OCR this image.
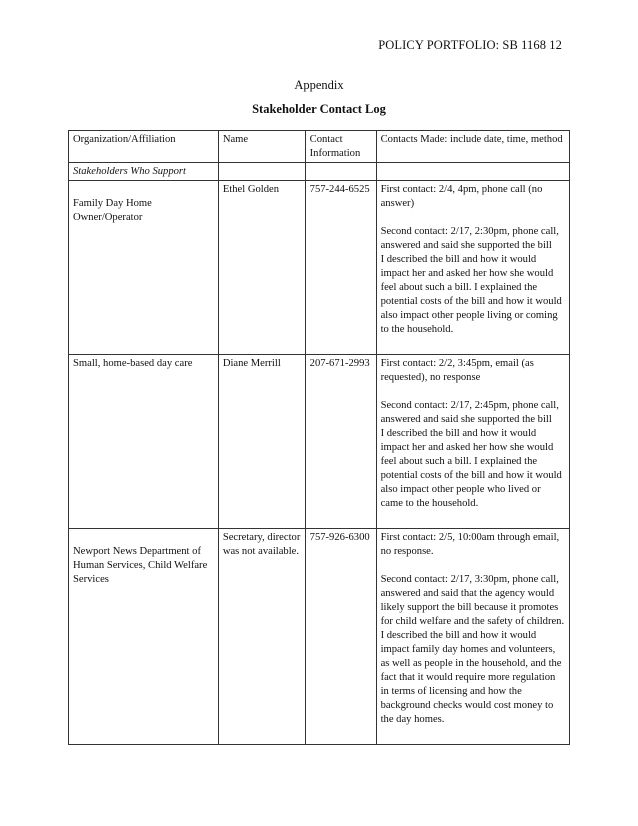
POLICY PORTFOLIO: SB 1168 12
Appendix
Stakeholder Contact Log
Organization/Affiliation	Name	Contact Information	Contacts Made: include date, time, method
Stakeholders Who Support			

Family Day Home Owner/Operator	Ethel Golden	757-244-6525	First contact: 2/4, 4pm, phone call (no answer)
Second contact: 2/17, 2:30pm, phone call, answered and said she supported the bill
I described the bill and how it would impact her and asked her how she would feel about such a bill. I explained the potential costs of the bill and how it would also impact other people living or coming to the household.

Small, home-based day care	Diane Merrill	207-671-2993	First contact: 2/2, 3:45pm, email (as requested), no response
Second contact: 2/17, 2:45pm, phone call, answered and said she supported the bill
I described the bill and how it would impact her and asked her how she would feel about such a bill. I explained the potential costs of the bill and how it would also impact other people who lived or came to the household.

Newport News Department of Human Services, Child Welfare Services	Secretary, director was not available.	757-926-6300	First contact: 2/5, 10:00am through email, no response.
Second contact: 2/17, 3:30pm, phone call, answered and said that the agency would likely support the bill because it promotes for child welfare and the safety of children.
I described the bill and how it would impact family day homes and volunteers, as well as people in the household, and the fact that it would require more regulation in terms of licensing and how the background checks would cost money to the day homes.
